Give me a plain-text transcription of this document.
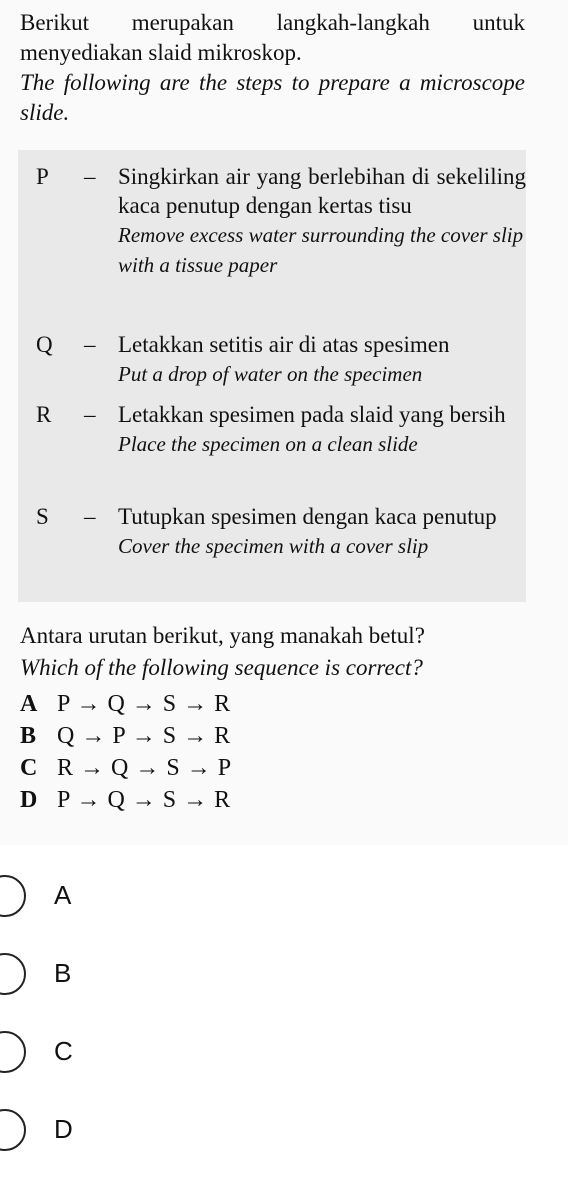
Berikut merupakan langkah-langkah untuk menyediakan slaid mikroskop.
The following are the steps to prepare a microscope slide.
P	– Singkirkan air yang berlebihan di sekeliling kaca penutup dengan kertas tisu
Remove excess water surrounding the cover slip with a tissue paper
Q – Letakkan setitis air di atas spesimen
Put a drop of water on the specimen
R – Letakkan spesimen pada slaid yang bersih
Place the specimen on a clean slide
S	– Tutupkan spesimen dengan kaca penutup
Cover the specimen with a cover slip
Antara urutan berikut, yang manakah betul?
Which of the following sequence is correct?
A P → Q → S → R
B Q → P → S → R
C R → Q → S → P
D P → Q → S → R
A
B
C
D
